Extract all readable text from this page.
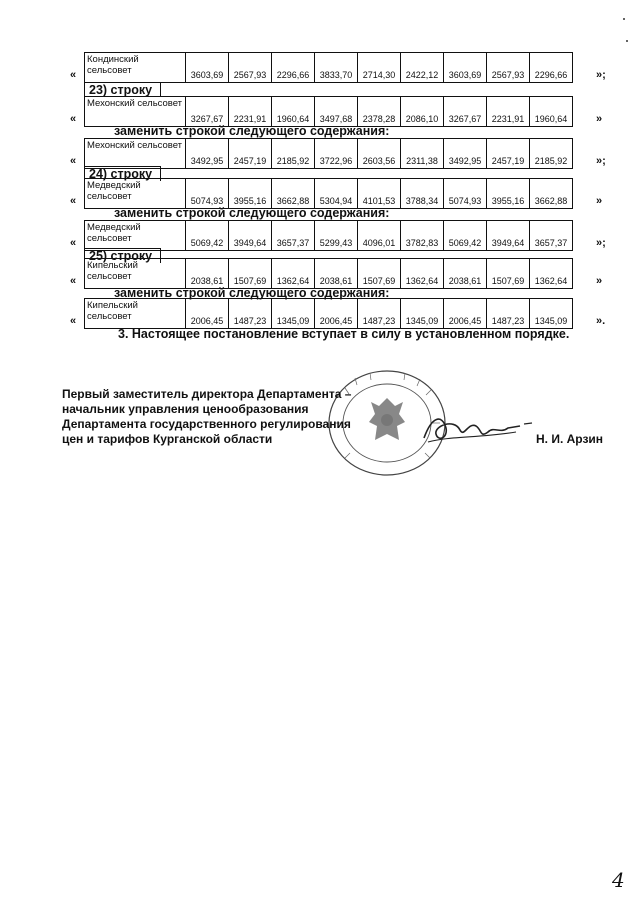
«
Кондинский сельсовет	3603,69	2567,93	2296,66	3833,70	2714,30	2422,12	3603,69	2567,93	2296,66	»;
23) строку
«
Мехонский сельсовет	3267,67	2231,91	1960,64	3497,68	2378,28	2086,10	3267,67	2231,91	1960,64	»
заменить строкой следующего содержания:
«
Мехонский сельсовет	3492,95	2457,19	2185,92	3722,96	2603,56	2311,38	3492,95	2457,19	2185,92	»;
24) строку
«
Медведский сельсовет	5074,93	3955,16	3662,88	5304,94	4101,53	3788,34	5074,93	3955,16	3662,88	»
заменить строкой следующего содержания:
«
Медведский сельсовет	5069,42	3949,64	3657,37	5299,43	4096,01	3782,83	5069,42	3949,64	3657,37	»;
25) строку
«
Кипельский сельсовет	2038,61	1507,69	1362,64	2038,61	1507,69	1362,64	2038,61	1507,69	1362,64	»
заменить строкой следующего содержания:
«
Кипельский сельсовет	2006,45	1487,23	1345,09	2006,45	1487,23	1345,09	2006,45	1487,23	1345,09	».
3. Настоящее постановление вступает в силу в установленном порядке.
Первый заместитель директора Департамента –
начальник управления ценообразования
Департамента государственного регулирования
цен и тарифов Курганской области	Н. И. Арзин
4
